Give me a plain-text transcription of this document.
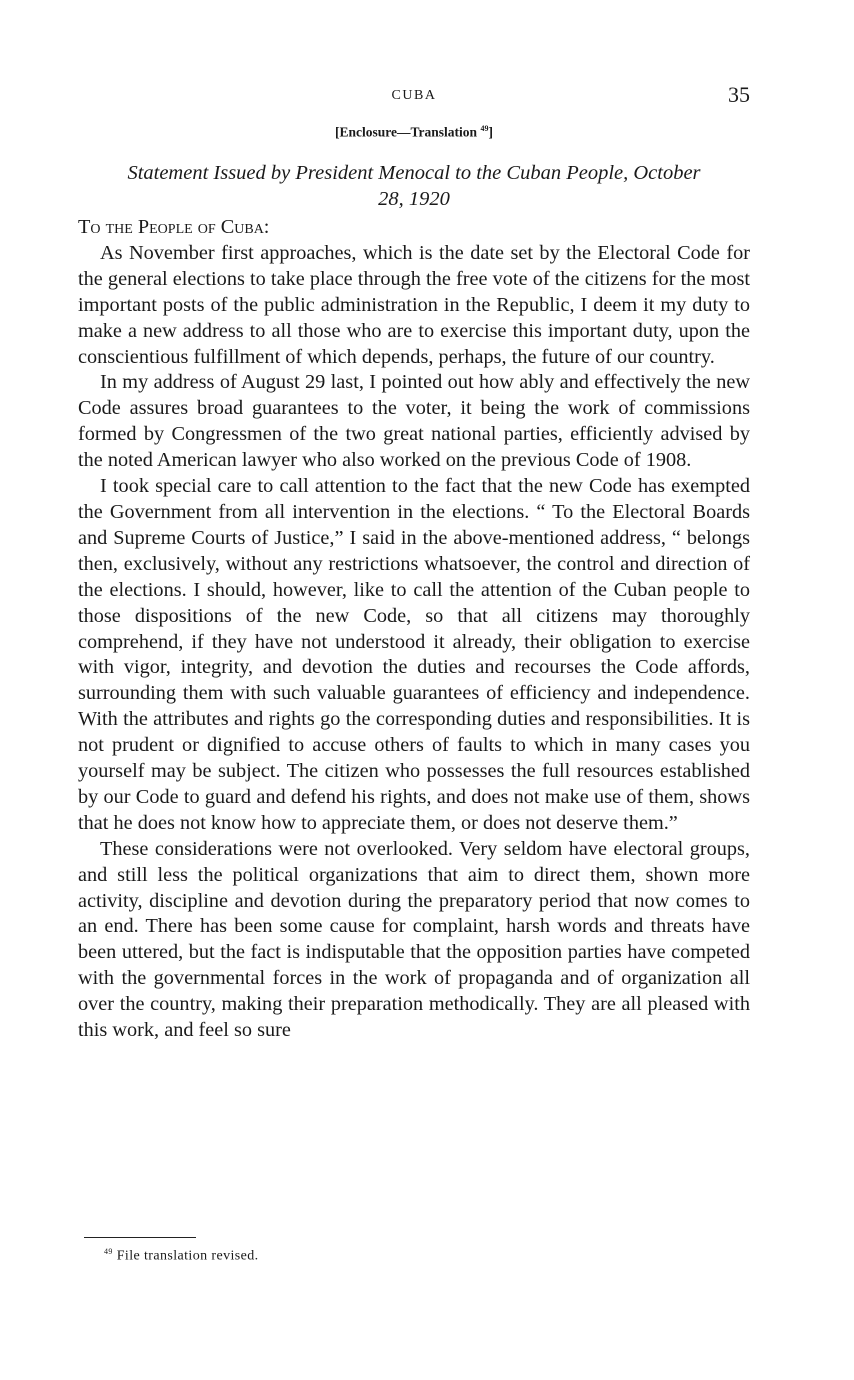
CUBA	35
[Enclosure—Translation $^{49}$]
Statement Issued by President Menocal to the Cuban People, October
28, 1920
To the People of Cuba:

As November first approaches, which is the date set by the Electoral Code for the general elections to take place through the free vote of the citizens for the most important posts of the public administration in the Republic, I deem it my duty to make a new address to all those who are to exercise this important duty, upon the conscientious fulfillment of which depends, perhaps, the future of our country.

In my address of August 29 last, I pointed out how ably and effectively the new Code assures broad guarantees to the voter, it being the work of commissions formed by Congressmen of the two great national parties, efficiently advised by the noted American lawyer who also worked on the previous Code of 1908.

I took special care to call attention to the fact that the new Code has exempted the Government from all intervention in the elections. “ To the Electoral Boards and Supreme Courts of Justice,” I said in the above-mentioned address, “ belongs then, exclusively, without any restrictions whatsoever, the control and direction of the elections. I should, however, like to call the attention of the Cuban people to those dispositions of the new Code, so that all citizens may thoroughly comprehend, if they have not understood it already, their obligation to exercise with vigor, integrity, and devotion the duties and recourses the Code affords, surrounding them with such valuable guarantees of efficiency and independence. With the attributes and rights go the corresponding duties and responsibilities. It is not prudent or dignified to accuse others of faults to which in many cases you yourself may be subject. The citizen who possesses the full resources established by our Code to guard and defend his rights, and does not make use of them, shows that he does not know how to appreciate them, or does not deserve them.”

These considerations were not overlooked. Very seldom have electoral groups, and still less the political organizations that aim to direct them, shown more activity, discipline and devotion during the preparatory period that now comes to an end. There has been some cause for complaint, harsh words and threats have been uttered, but the fact is indisputable that the opposition parties have competed with the governmental forces in the work of propaganda and of organization all over the country, making their preparation methodically. They are all pleased with this work, and feel so sure

$^{49}$ File translation revised.
